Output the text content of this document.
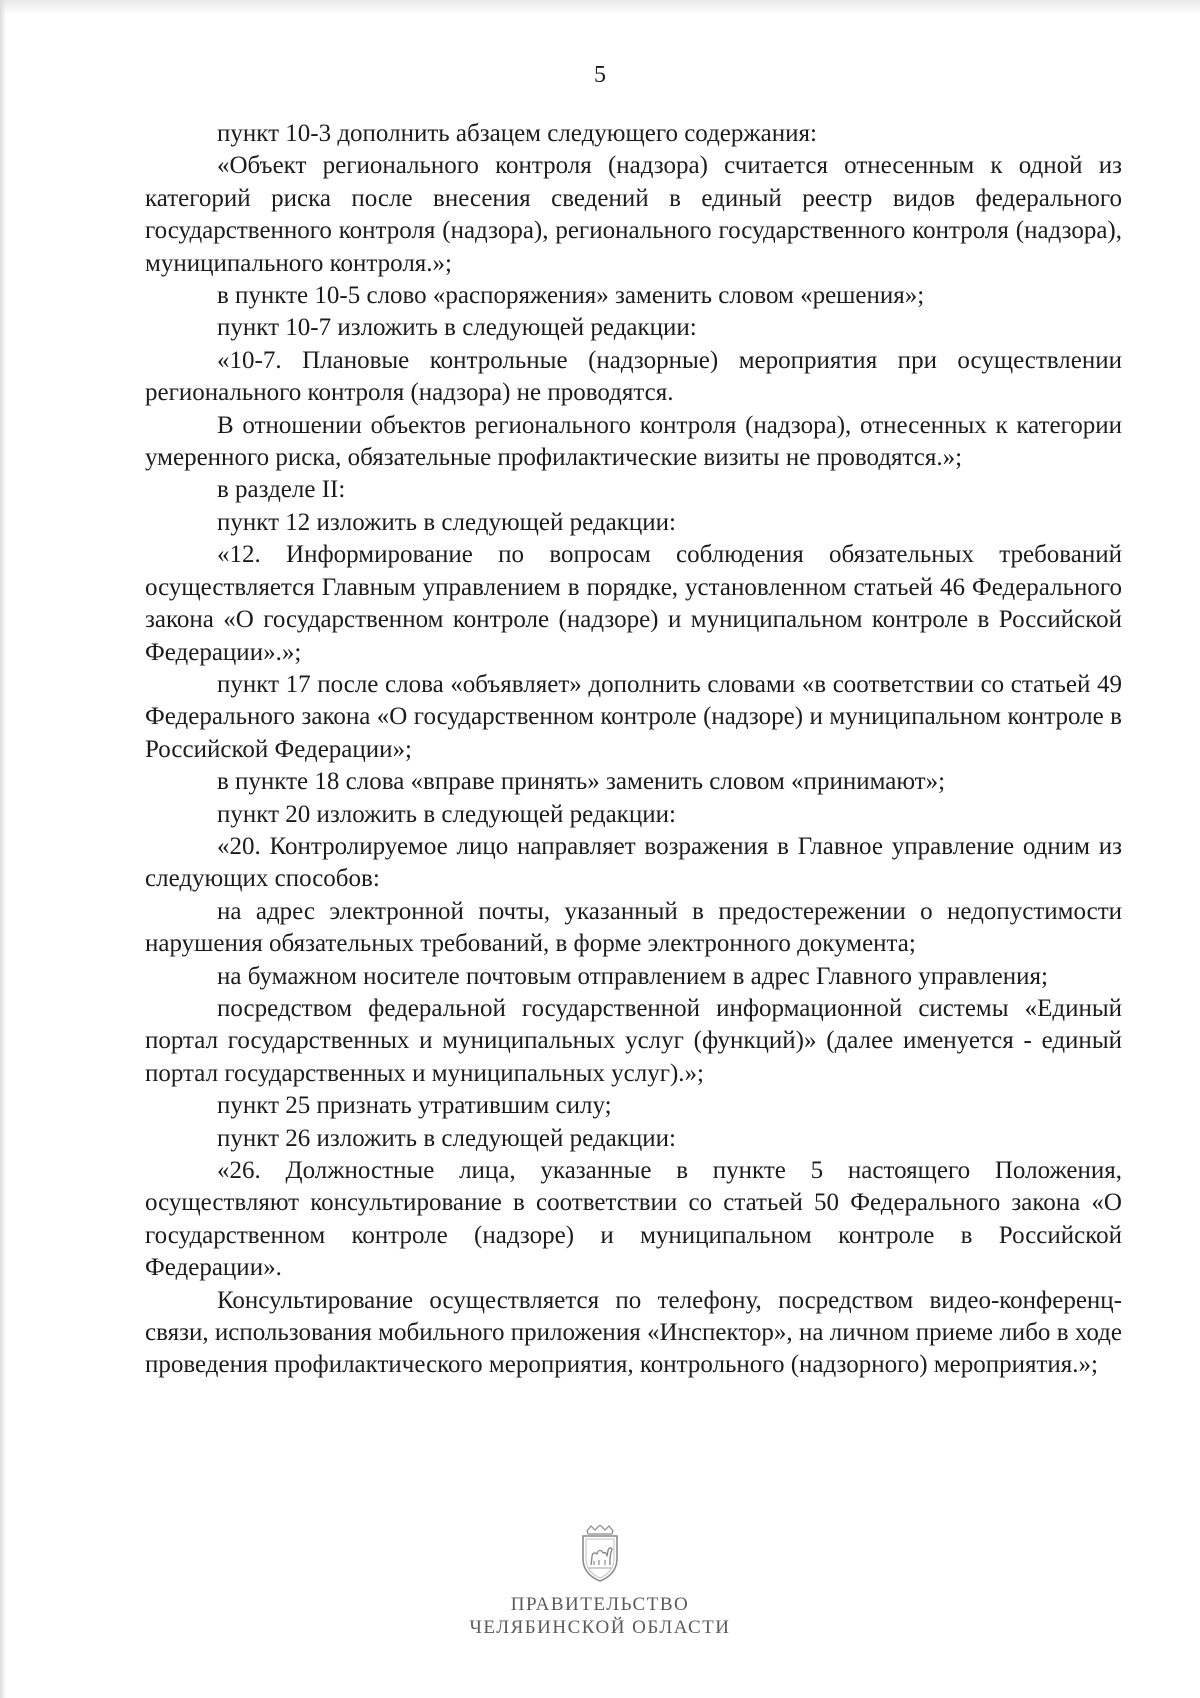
5

пункт 10-3 дополнить абзацем следующего содержания:

«Объект регионального контроля (надзора) считается отнесенным к одной из категорий риска после внесения сведений в единый реестр видов федерального государственного контроля (надзора), регионального государственного контроля (надзора), муниципального контроля.»;

в пункте 10-5 слово «распоряжения» заменить словом «решения»;

пункт 10-7 изложить в следующей редакции:

«10-7. Плановые контрольные (надзорные) мероприятия при осуществлении регионального контроля (надзора) не проводятся.

В отношении объектов регионального контроля (надзора), отнесенных к категории умеренного риска, обязательные профилактические визиты не проводятся.»;

в разделе II:

пункт 12 изложить в следующей редакции:

«12. Информирование по вопросам соблюдения обязательных требований осуществляется Главным управлением в порядке, установленном статьей 46 Федерального закона «О государственном контроле (надзоре) и муниципальном контроле в Российской Федерации».»;

пункт 17 после слова «объявляет» дополнить словами «в соответствии со статьей 49 Федерального закона «О государственном контроле (надзоре) и муниципальном контроле в Российской Федерации»;

в пункте 18 слова «вправе принять» заменить словом «принимают»;

пункт 20 изложить в следующей редакции:

«20. Контролируемое лицо направляет возражения в Главное управление одним из следующих способов:

на адрес электронной почты, указанный в предостережении о недопустимости нарушения обязательных требований, в форме электронного документа;

на бумажном носителе почтовым отправлением в адрес Главного управления;

посредством федеральной государственной информационной системы «Единый портал государственных и муниципальных услуг (функций)» (далее именуется - единый портал государственных и муниципальных услуг).»;

пункт 25 признать утратившим силу;

пункт 26 изложить в следующей редакции:

«26. Должностные лица, указанные в пункте 5 настоящего Положения, осуществляют консультирование в соответствии со статьей 50 Федерального закона «О государственном контроле (надзоре) и муниципальном контроле в Российской Федерации».

Консультирование осуществляется по телефону, посредством видео-конференц-связи, использования мобильного приложения «Инспектор», на личном приеме либо в ходе проведения профилактического мероприятия, контрольного (надзорного) мероприятия.»;

ПРАВИТЕЛЬСТВО
ЧЕЛЯБИНСКОЙ ОБЛАСТИ
